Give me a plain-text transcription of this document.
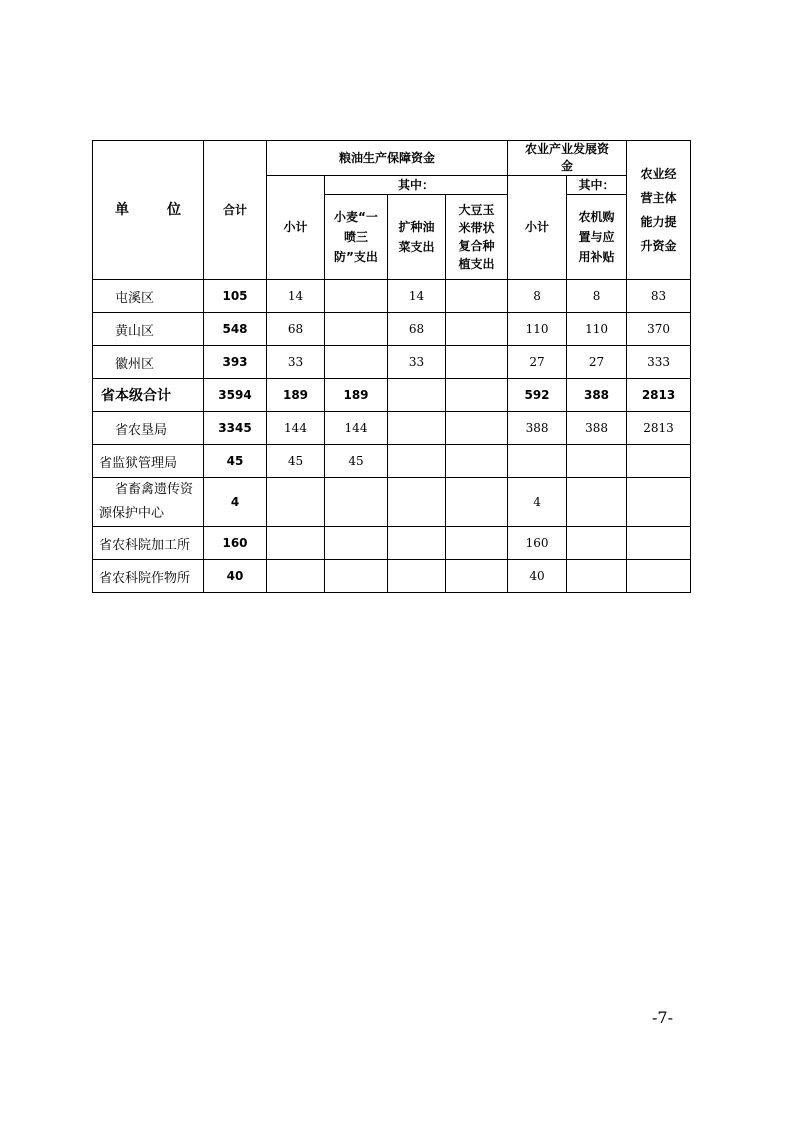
单　位	合计	粮油生产保障资金				农业产业发展资金		农业经营主体能力提升资金
		小计	其中：			小计	其中：	
			小麦“一喷三防”支出	扩种油菜支出	大豆玉米带状复合种植支出		农机购置与应用补贴	
屯溪区	105	14		14		8	8	83
黄山区	548	68		68		110	110	370
徽州区	393	33		33		27	27	333
省本级合计	3594	189	189			592	388	2813
省农垦局	3345	144	144			388	388	2813
省监狱管理局	45	45	45					
省畜禽遗传资源保护中心	4					4		
省农科院加工所	160					160		
省农科院作物所	40					40		
-7-
